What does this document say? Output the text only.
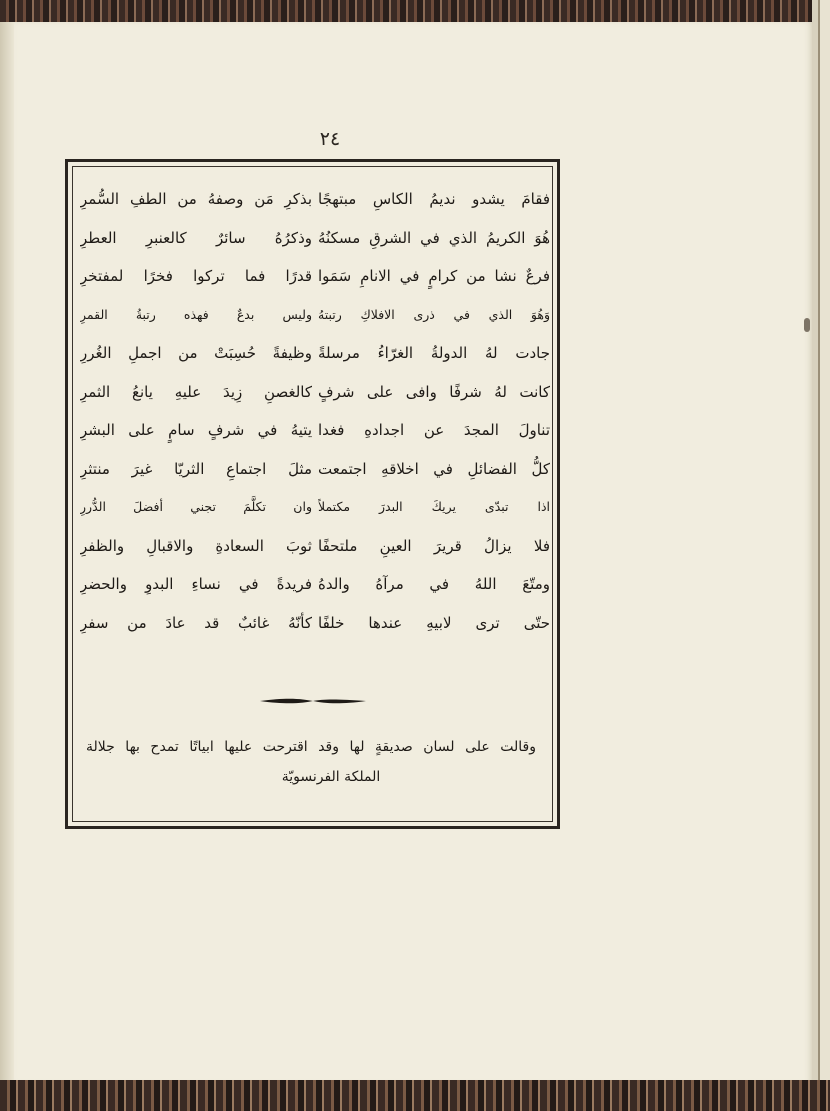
٢٤
فقامَ يشدو نديمُ الكاسِ مبتهجًا
هُوَ الكريمُ الذي في الشرقِ مسكنُهُ
فرعٌ نشا من كرامٍ في الانامِ سَمَوا
وَهُوَ الذي في ذرى الافلاكِ رتبتهُ
جادت لهُ الدولةُ الغرّاءُ مرسلةً
كانت لهُ شرفًا وافى على شرفٍ
تناولَ المجدَ عن اجدادهِ فغدا
كلُّ الفضائلِ في اخلاقهِ اجتمعت
اذا تبدّى يريكَ البدرَ مكتملاً
فلا يزالُ قريرَ العينِ ملتحفًا
ومتّعَ اللهُ في مرآهُ والدهُ
حتّى ترى لابيهِ عندها خلفًا
بذكرِ مَن وصفهُ من الطفِ السُّمرِ
وذكرُهُ سائرٌ كالعنبرِ العطرِ
قدرًا فما تركوا فخرًا لمفتخرِ
وليس بدعٌ فهذه رتبةُ القمرِ
وظيفةً حُسِبَتْ من اجملِ الغُررِ
كالغصنِ زِيدَ عليهِ يانعُ الثمرِ
يتيهُ في شرفٍ سامٍ على البشرِ
مثلَ اجتماعِ الثريّا غيرَ منتثرِ
وان تكلَّمَ تجني أفضلَ الدُّررِ
ثوبَ السعادةِ والاقبالِ والظفرِ
فريدةً في نساءِ البدوِ والحضرِ
كأنّهُ غائبٌ قد عادَ من سفرِ
وقالت على لسان صديقةٍ لها وقد اقترحت عليها ابياتًا تمدح بها جلالة
الملكة الفرنسويّة
